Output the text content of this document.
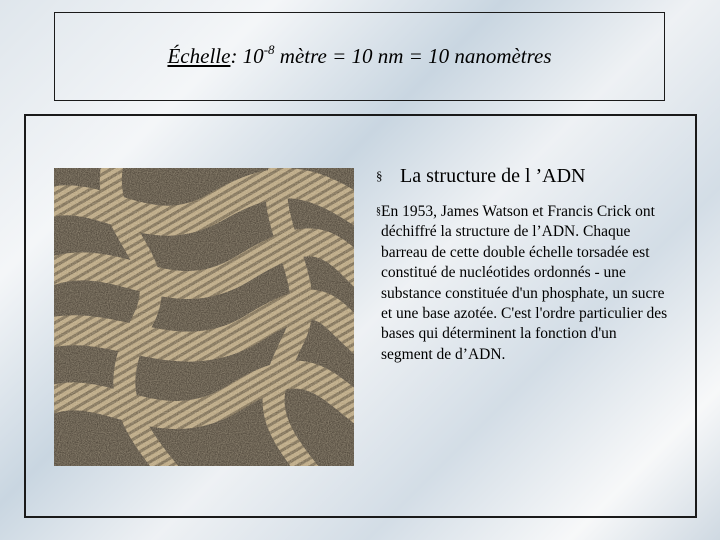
Échelle: $10^{-8}$ mètre = 10 nm = 10 nanomètres
§ La structure de l ’ADN
§ En 1953, James Watson et Francis Crick ont déchiffré la structure de l’ADN. Chaque barreau de cette double échelle torsadée est constitué de nucléotides ordonnés - une substance constituée d'un phosphate, un sucre et une base azotée. C'est l'ordre particulier des bases qui déterminent la fonction d'un segment de d’ADN.
